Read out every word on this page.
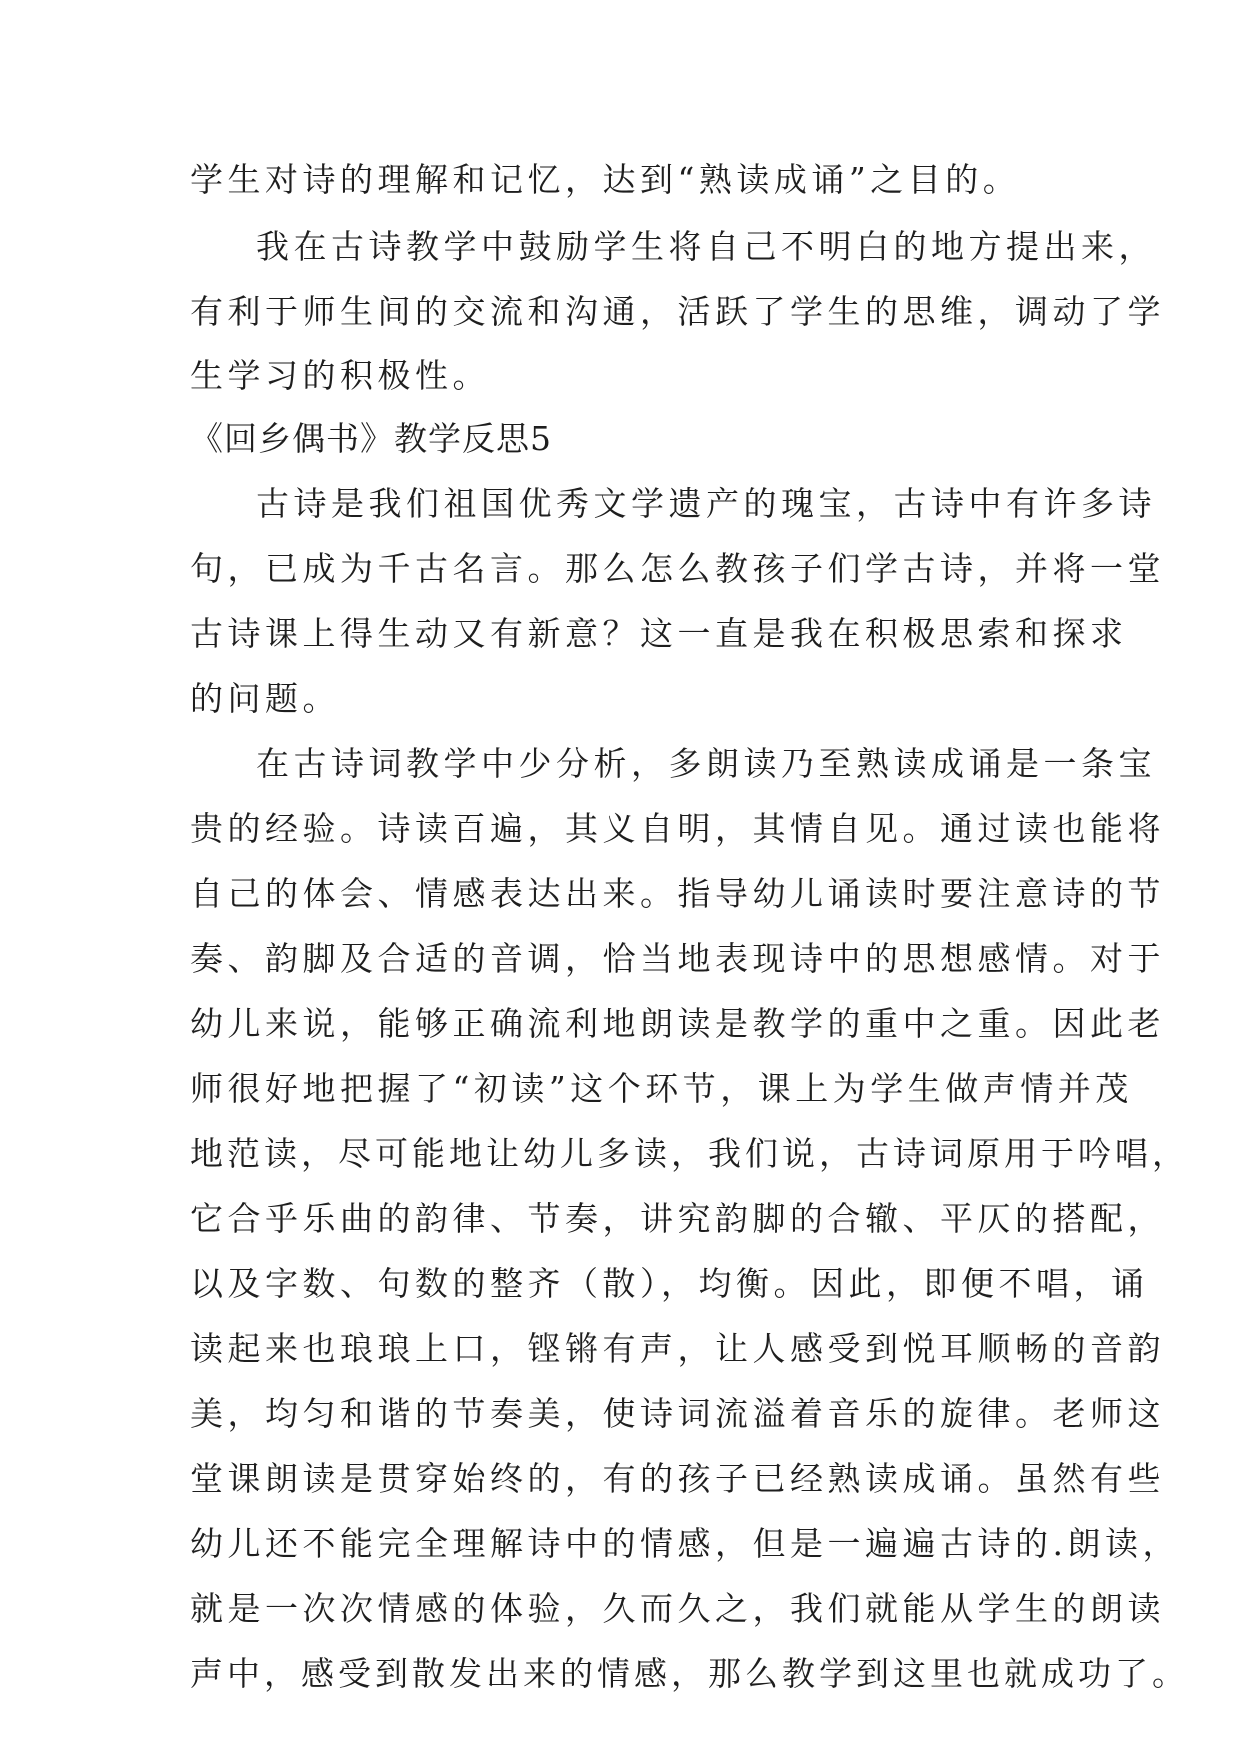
学生对诗的理解和记忆，达到“熟读成诵”之目的。
我在古诗教学中鼓励学生将自己不明白的地方提出来，
有利于师生间的交流和沟通，活跃了学生的思维，调动了学
生学习的积极性。
《回乡偶书》教学反思5
古诗是我们祖国优秀文学遗产的瑰宝，古诗中有许多诗
句，已成为千古名言。那么怎么教孩子们学古诗，并将一堂
古诗课上得生动又有新意？这一直是我在积极思索和探求
的问题。
在古诗词教学中少分析，多朗读乃至熟读成诵是一条宝
贵的经验。诗读百遍，其义自明，其情自见。通过读也能将
自己的体会、情感表达出来。指导幼儿诵读时要注意诗的节
奏、韵脚及合适的音调，恰当地表现诗中的思想感情。对于
幼儿来说，能够正确流利地朗读是教学的重中之重。因此老
师很好地把握了“初读”这个环节，课上为学生做声情并茂
地范读，尽可能地让幼儿多读，我们说，古诗词原用于吟唱，
它合乎乐曲的韵律、节奏，讲究韵脚的合辙、平仄的搭配，
以及字数、句数的整齐（散），均衡。因此，即便不唱，诵
读起来也琅琅上口，铿锵有声，让人感受到悦耳顺畅的音韵
美，均匀和谐的节奏美，使诗词流溢着音乐的旋律。老师这
堂课朗读是贯穿始终的，有的孩子已经熟读成诵。虽然有些
幼儿还不能完全理解诗中的情感，但是一遍遍古诗的.朗读，
就是一次次情感的体验，久而久之，我们就能从学生的朗读
声中，感受到散发出来的情感，那么教学到这里也就成功了。
